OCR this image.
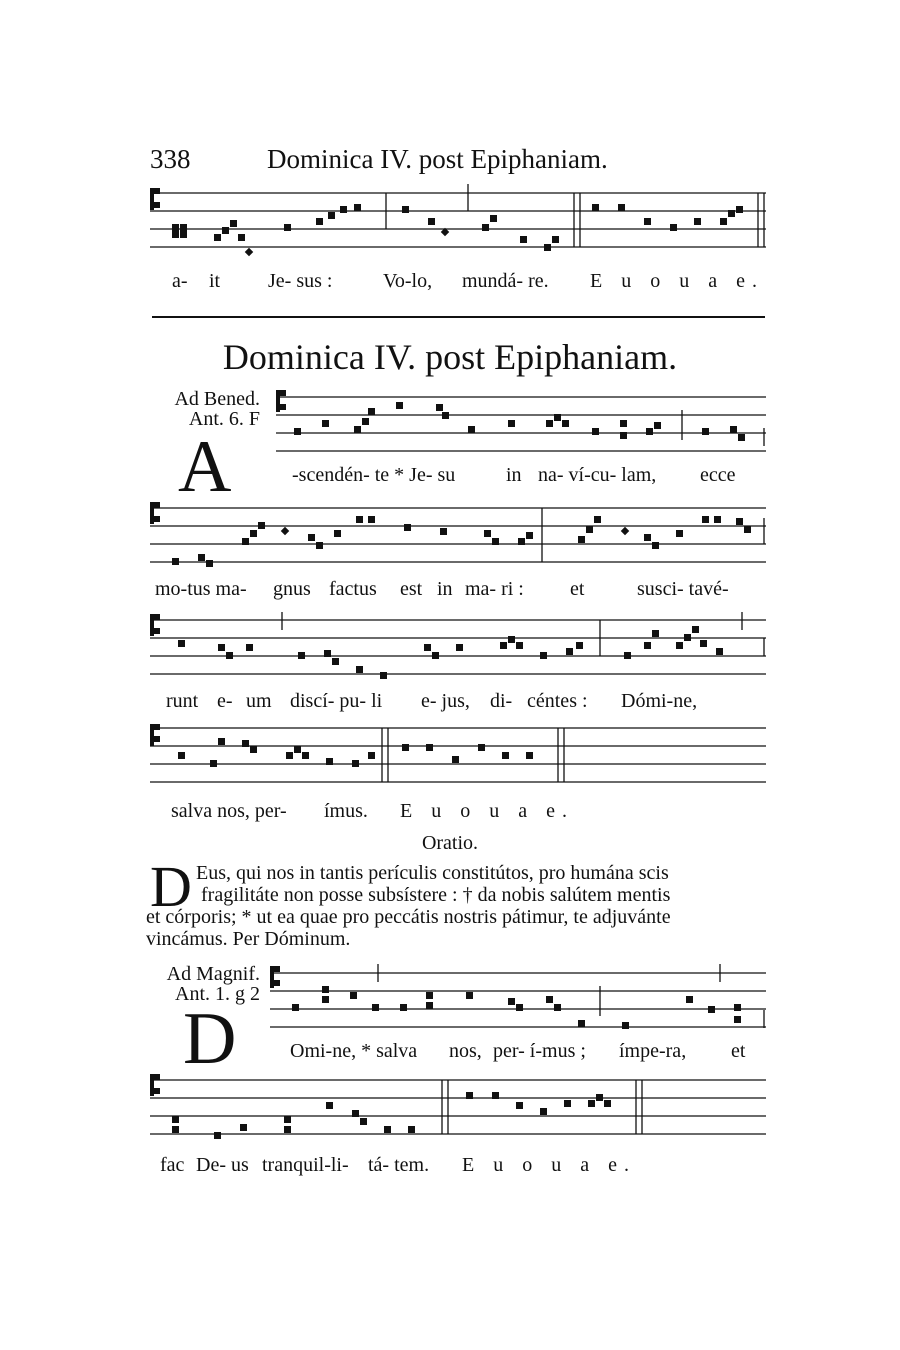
338	Dominica IV. post Epiphaniam.
a- it Je- sus :	Vo-lo, mundá- re. E u o u a e.
Dominica IV. post Epiphaniam.
Ad Bened.
Ant. 6. F
A	-scendén- te * Je- su	in na- ví-cu- lam, ecce
mo-tus ma- gnus factus est in ma- ri : et	susci- tavé-
runt e- um discí- pu- li e- jus, di- céntes : Dómi-ne,
salva nos, per- ímus. E u o u a e.
Oratio.
D Eus, qui nos in tantis perículis constitútos, pro humána scis
fragilitáte non posse subsístere : † da nobis salútem mentis
et córporis; * ut ea quae pro peccátis nostris pátimur, te adjuvánte
vincámus. Per Dóminum.
Ad Magnif.
Ant. 1. g 2
D	Omi-ne, * salva nos, per- í-mus ; ímpe-ra, et
fac De- us tranquil-li- tá- tem. E u o u a e.
